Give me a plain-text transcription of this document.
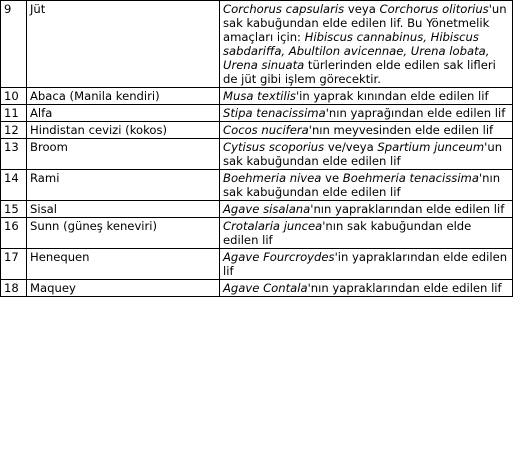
9	Jüt	Corchorus capsularis veya Corchorus olitorius'un sak kabuğundan elde edilen lif. Bu Yönetmelik amaçları için: Hibiscus cannabinus, Hibiscus sabdariffa, Abultilon avicennae, Urena lobata, Urena sinuata türlerinden elde edilen sak lifleri de jüt gibi işlem görecektir.
10	Abaca (Manila kendiri)	Musa textilis'in yaprak kınından elde edilen lif
11	Alfa	Stipa tenacissima'nın yaprağından elde edilen lif
12	Hindistan cevizi (kokos)	Cocos nucifera'nın meyvesinden elde edilen lif
13	Broom	Cytisus scoporius ve/veya Spartium junceum'un sak kabuğundan elde edilen lif
14	Rami	Boehmeria nivea ve Boehmeria tenacissima'nın sak kabuğundan elde edilen lif
15	Sisal	Agave sisalana'nın yapraklarından elde edilen lif
16	Sunn (güneş keneviri)	Crotalaria juncea'nın sak kabuğundan elde edilen lif
17	Henequen	Agave Fourcroydes'in yapraklarından elde edilen lif
18	Maquey	Agave Contala'nın yapraklarından elde edilen lif
